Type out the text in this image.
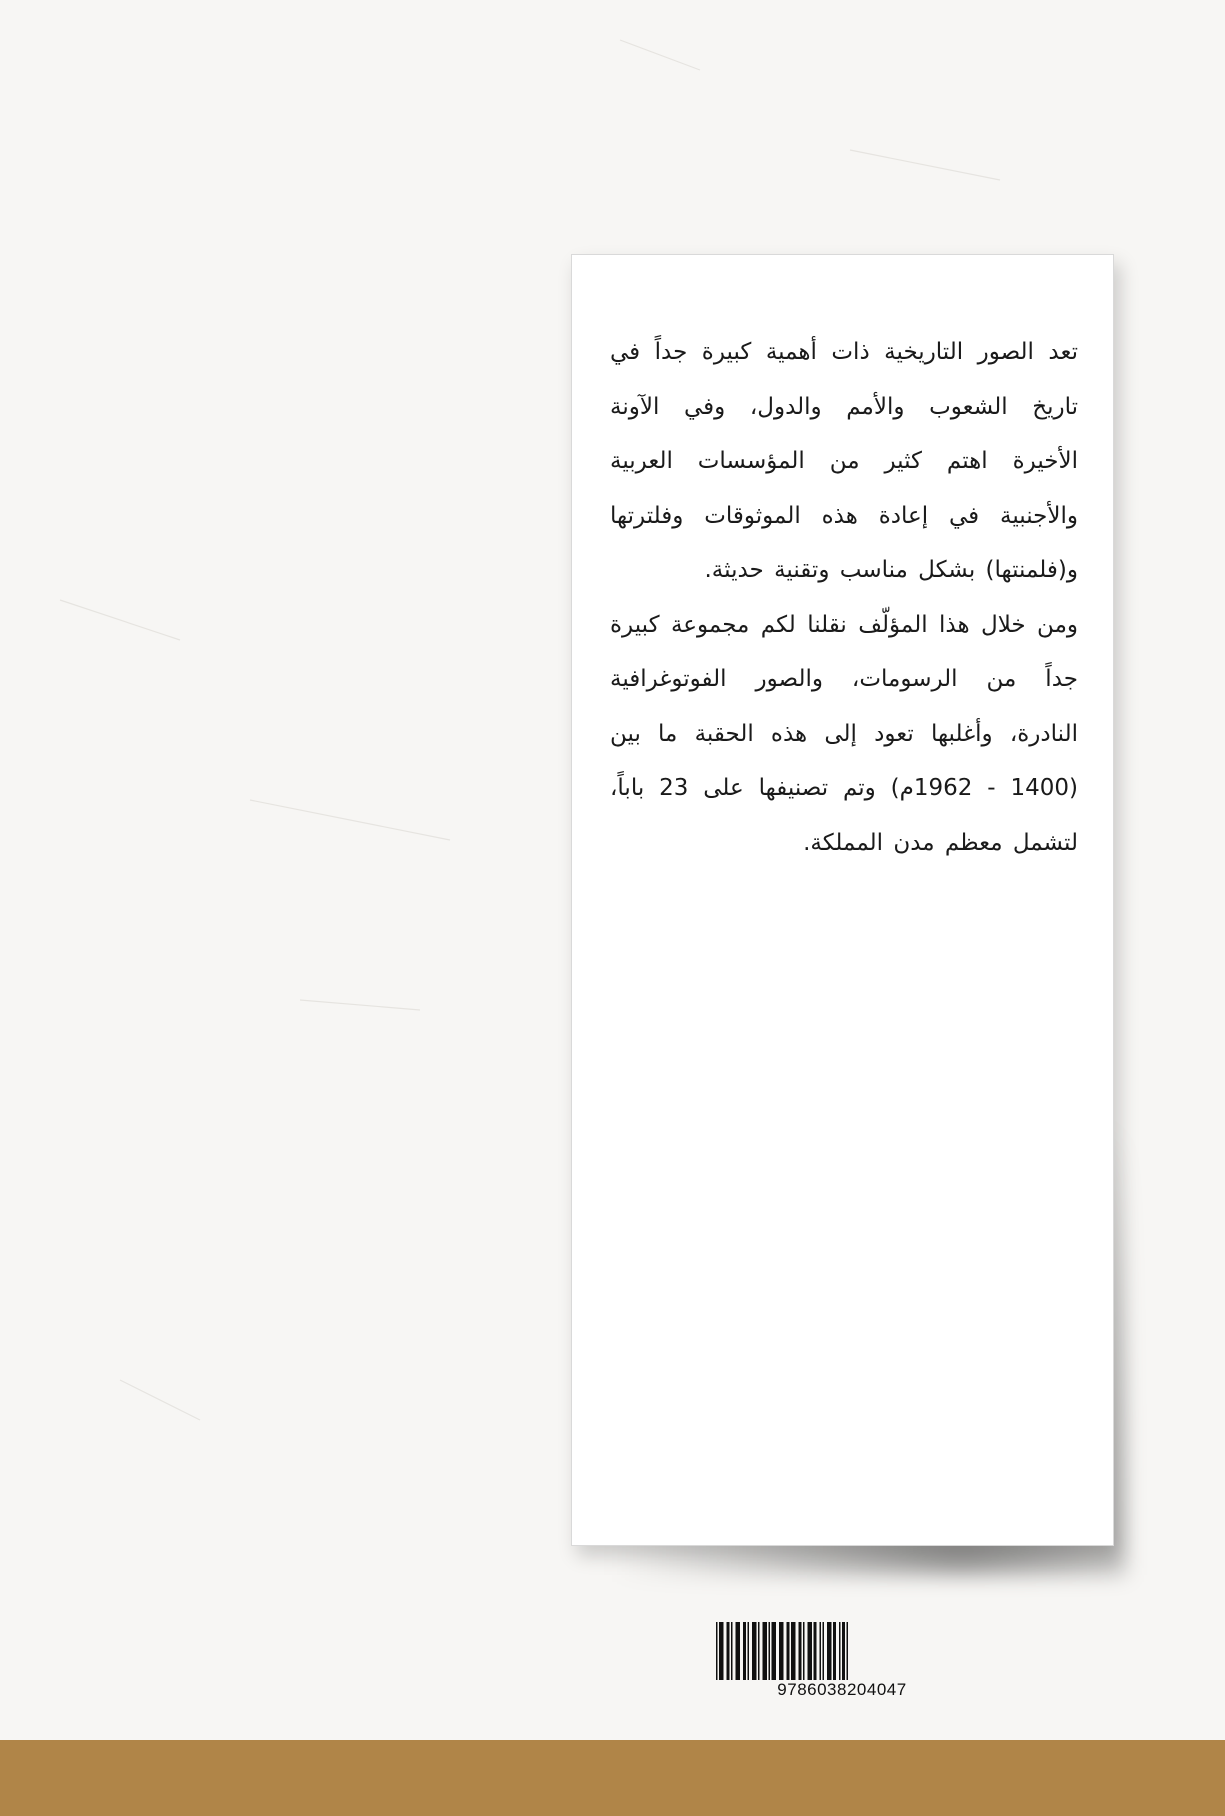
تعد الصور التاريخية ذات أهمية كبيرة جداً في تاريخ الشعوب والأمم والدول، وفي الآونة الأخيرة اهتم كثير من المؤسسات العربية والأجنبية في إعادة هذه الموثوقات وفلترتها و(فلمنتها) بشكل مناسب وتقنية حديثة.

ومن خلال هذا المؤلّف نقلنا لكم مجموعة كبيرة جداً من الرسومات، والصور الفوتوغرافية النادرة، وأغلبها تعود إلى هذه الحقبة ما بين (1400 - 1962م) وتم تصنيفها على 23 باباً، لتشمل معظم مدن المملكة.

9786038204047
